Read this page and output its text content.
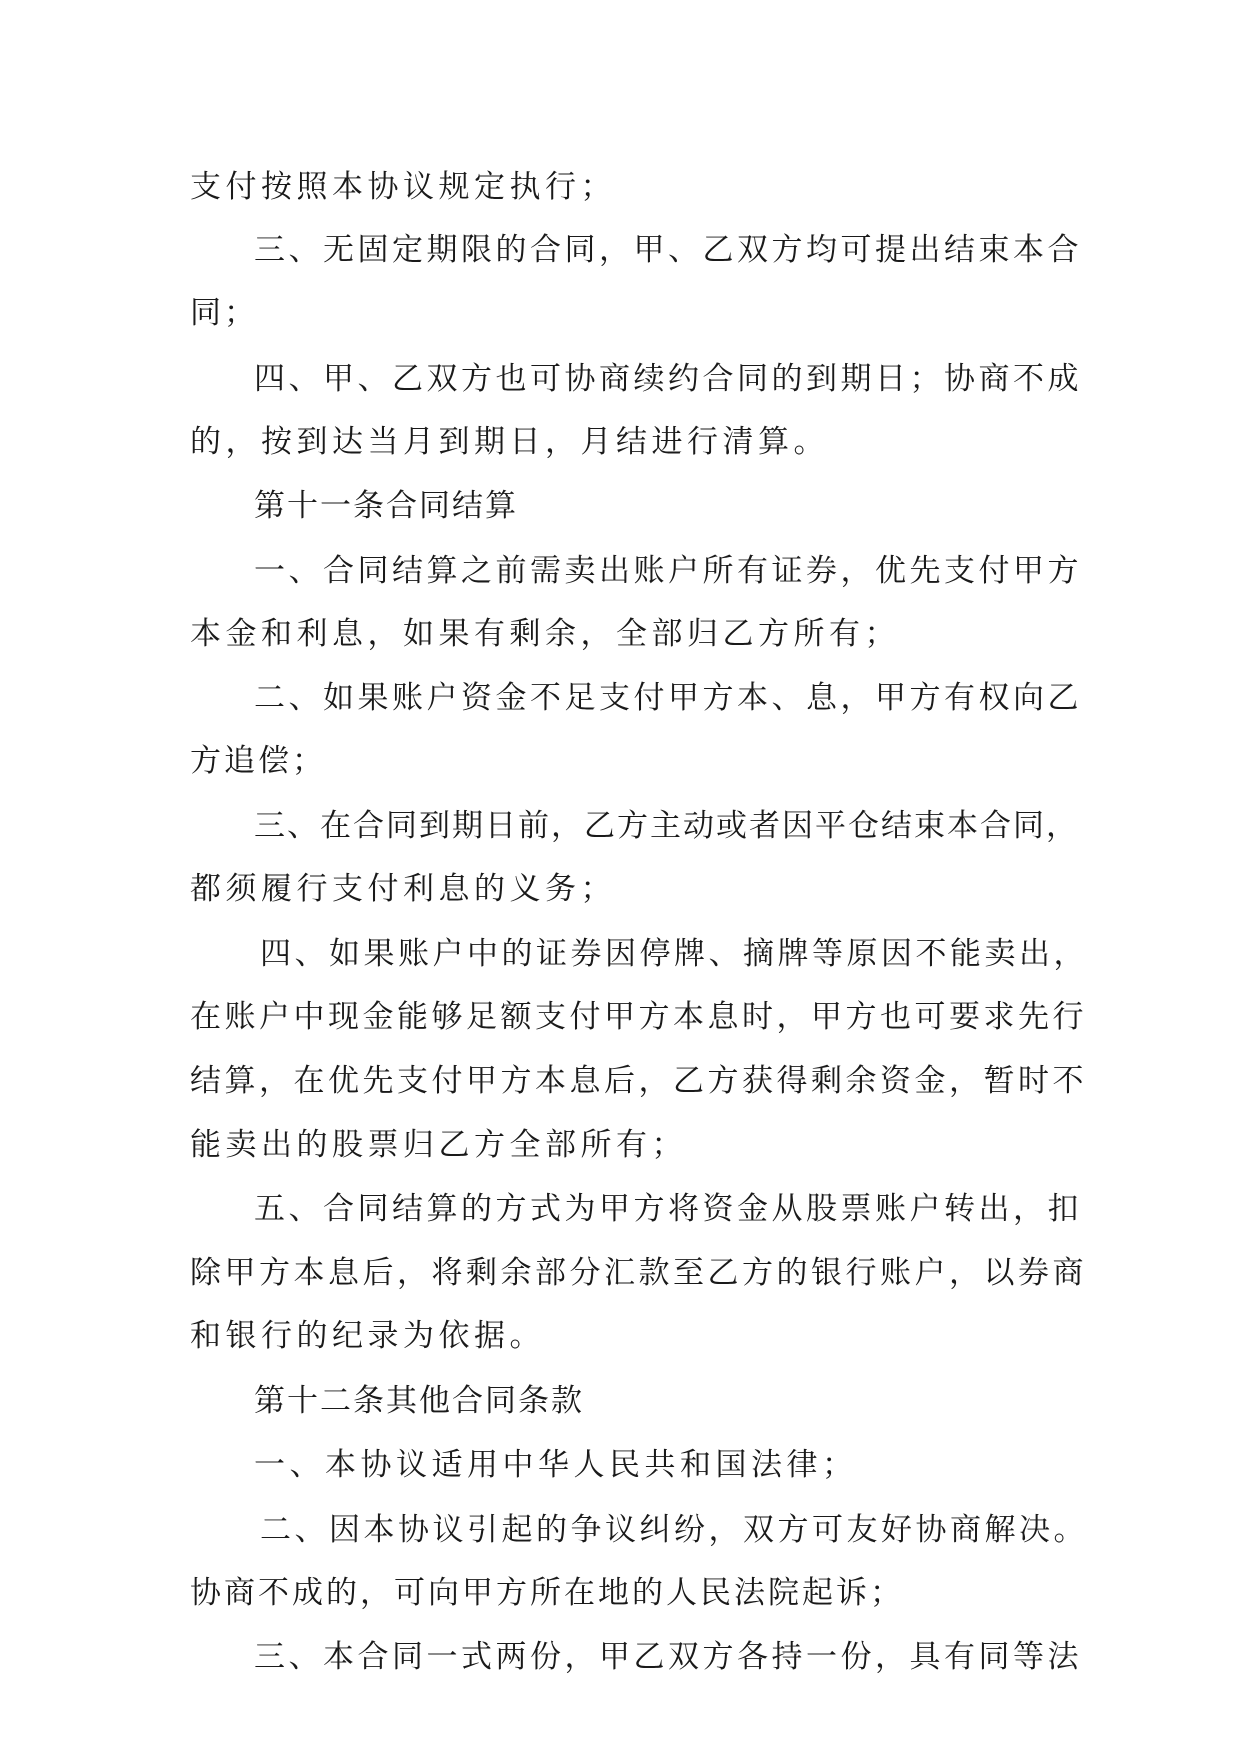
支付按照本协议规定执行；
三、无固定期限的合同，甲、乙双方均可提出结束本合
同；
四、甲、乙双方也可协商续约合同的到期日；协商不成
的，按到达当月到期日，月结进行清算。
第十一条合同结算
一、合同结算之前需卖出账户所有证券，优先支付甲方
本金和利息，如果有剩余，全部归乙方所有；
二、如果账户资金不足支付甲方本、息，甲方有权向乙
方追偿；
三、在合同到期日前，乙方主动或者因平仓结束本合同，
都须履行支付利息的义务；
四、如果账户中的证券因停牌、摘牌等原因不能卖出，
在账户中现金能够足额支付甲方本息时，甲方也可要求先行
结算，在优先支付甲方本息后，乙方获得剩余资金，暂时不
能卖出的股票归乙方全部所有；
五、合同结算的方式为甲方将资金从股票账户转出，扣
除甲方本息后，将剩余部分汇款至乙方的银行账户，以券商
和银行的纪录为依据。
第十二条其他合同条款
一、本协议适用中华人民共和国法律；
二、因本协议引起的争议纠纷，双方可友好协商解决。
协商不成的，可向甲方所在地的人民法院起诉；
三、本合同一式两份，甲乙双方各持一份，具有同等法
